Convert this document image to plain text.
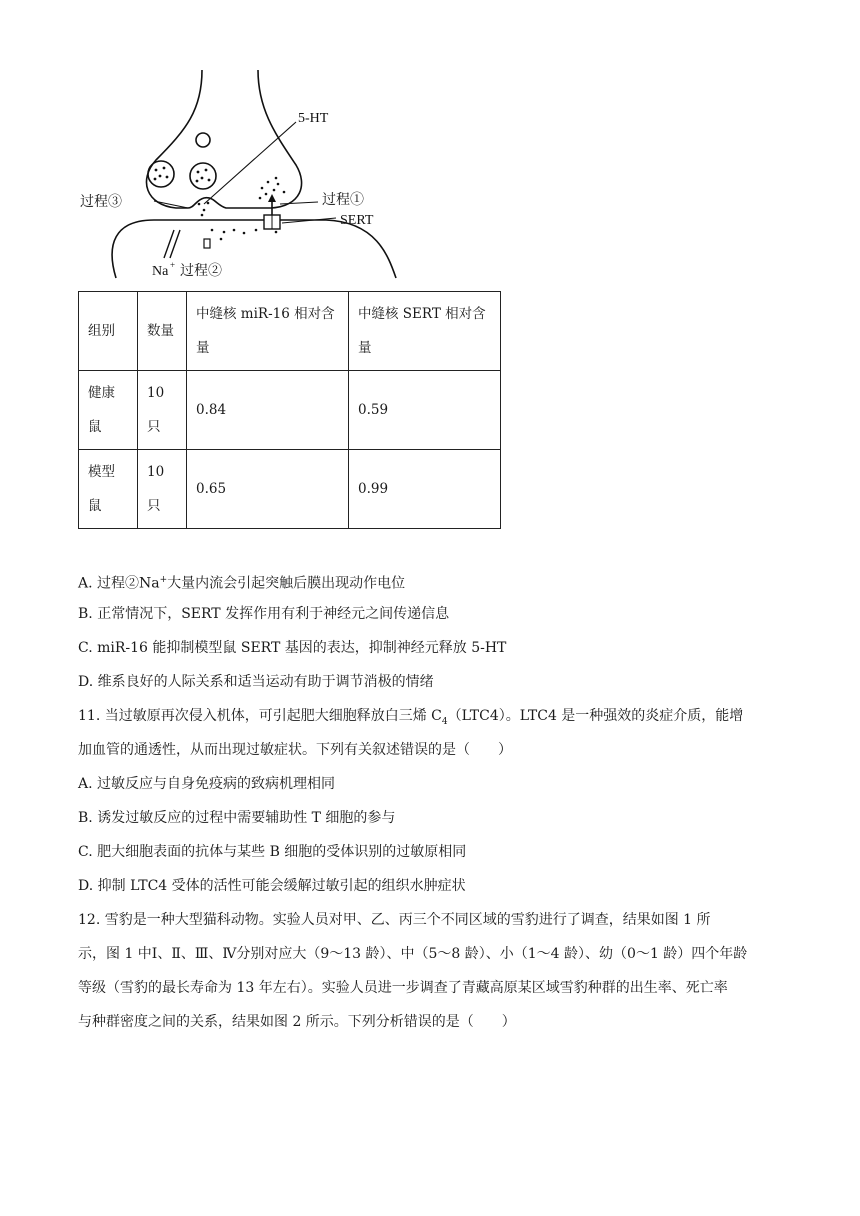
5-HT
过程③	过程①
SERT
Na + 过程②
组别	数量	中缝核 miR-16 相对含量	中缝核 SERT 相对含量
健康鼠	10只	0.84	0.59
模型鼠	10只	0.65	0.99
A. 过程②Na+大量内流会引起突触后膜出现动作电位
B. 正常情况下，SERT 发挥作用有利于神经元之间传递信息
C. miR-16 能抑制模型鼠 SERT 基因的表达，抑制神经元释放 5-HT
D. 维系良好的人际关系和适当运动有助于调节消极的情绪
11. 当过敏原再次侵入机体，可引起肥大细胞释放白三烯 $C_4(LTC4)$。LTC4 是一种强效的炎症介质，能增
加血管的通透性，从而出现过敏症状。下列有关叙述错误的是（　　）
A. 过敏反应与自身免疫病的致病机理相同
B. 诱发过敏反应的过程中需要辅助性 T 细胞的参与
C. 肥大细胞表面的抗体与某些 B 细胞的受体识别的过敏原相同
D. 抑制 LTC4 受体的活性可能会缓解过敏引起的组织水肿症状
12. 雪豹是一种大型猫科动物。实验人员对甲、乙、丙三个不同区域的雪豹进行了调查，结果如图 1 所
示，图 1 中Ⅰ、Ⅱ、Ⅲ、Ⅳ分别对应大（9～13 龄）、中（5～8 龄）、小（1～4 龄）、幼（0～1 龄）四个年龄
等级（雪豹的最长寿命为 13 年左右）。实验人员进一步调查了青藏高原某区域雪豹种群的出生率、死亡率
与种群密度之间的关系，结果如图 2 所示。下列分析错误的是（　　）
